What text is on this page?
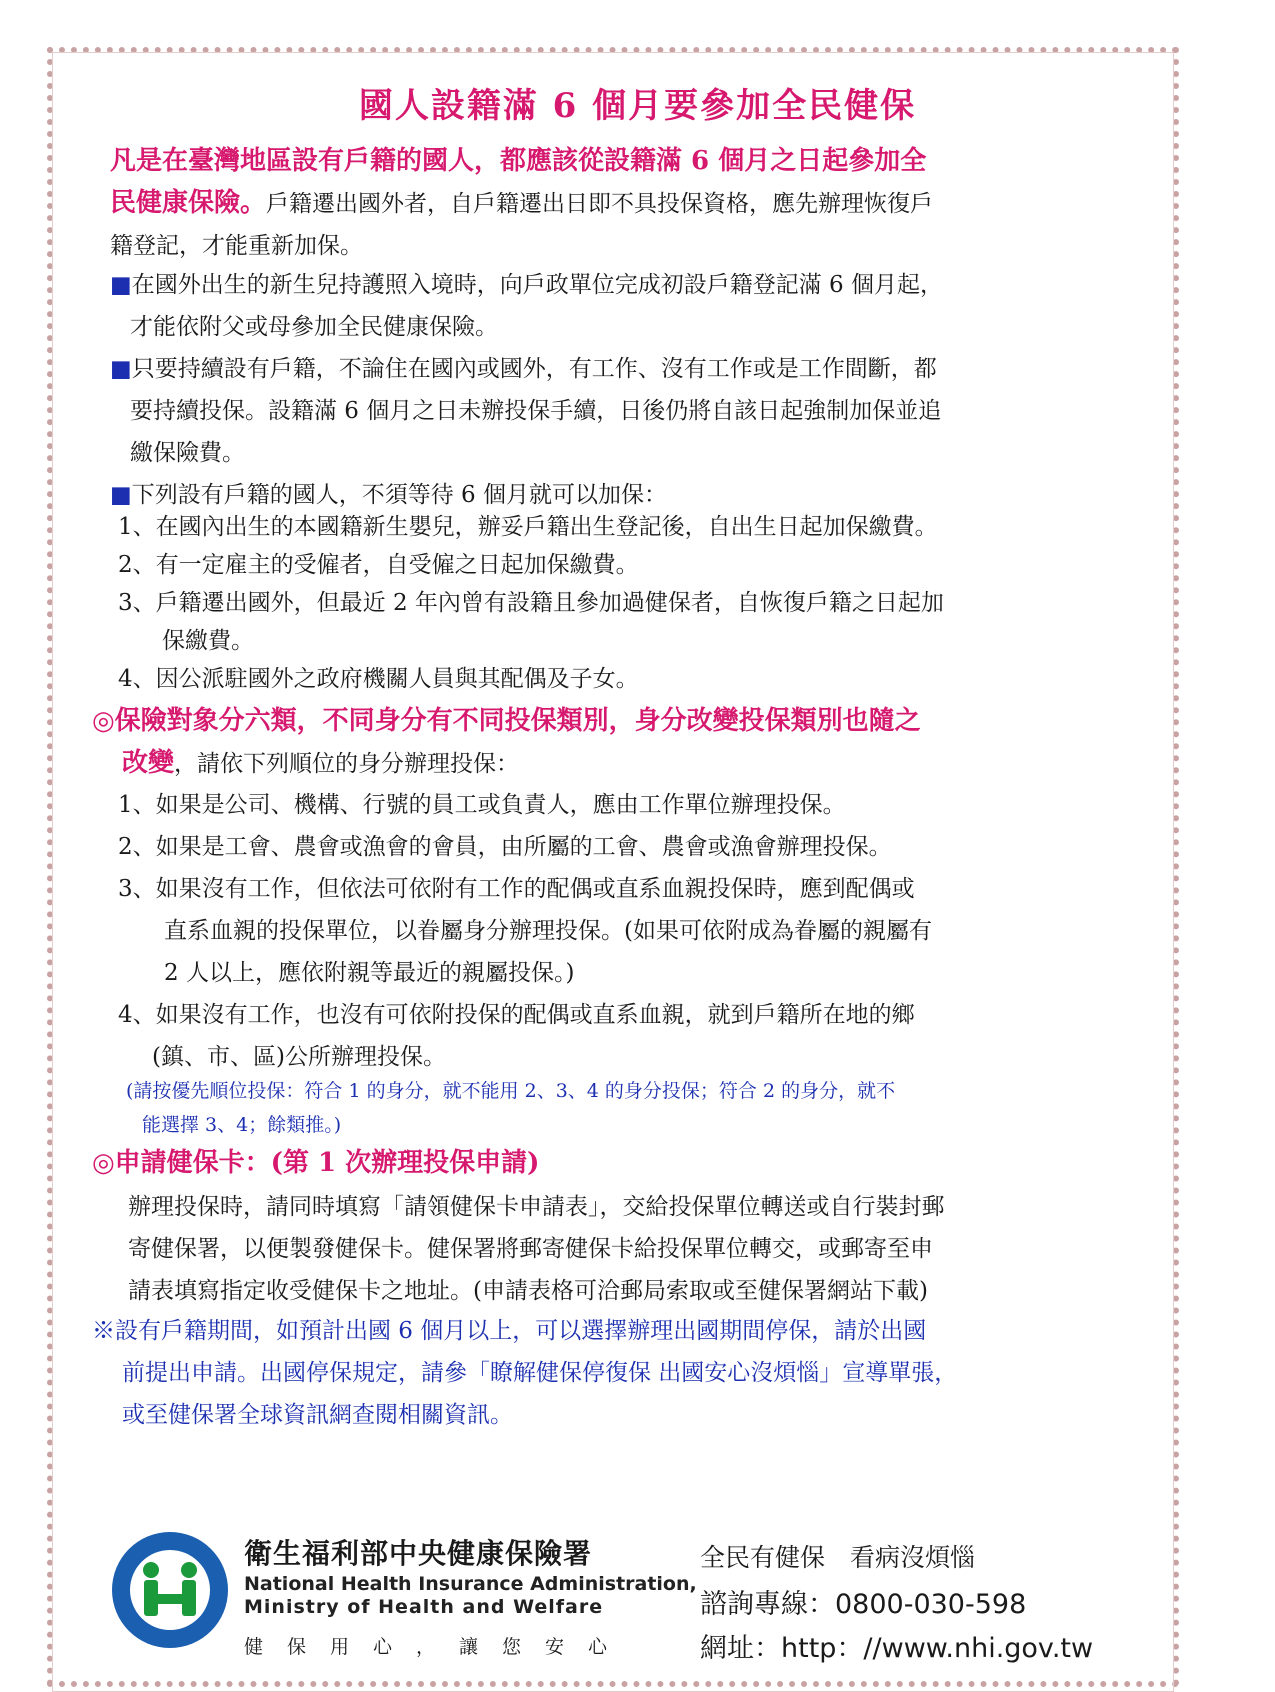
國人設籍滿 6 個月要參加全民健保
凡是在臺灣地區設有戶籍的國人，都應該從設籍滿 6 個月之日起參加全
民健康保險。戶籍遷出國外者，自戶籍遷出日即不具投保資格，應先辦理恢復戶
籍登記，才能重新加保。
■在國外出生的新生兒持護照入境時，向戶政單位完成初設戶籍登記滿 6 個月起，
才能依附父或母參加全民健康保險。
■只要持續設有戶籍，不論住在國內或國外，有工作、沒有工作或是工作間斷，都
要持續投保。設籍滿 6 個月之日未辦投保手續，日後仍將自該日起強制加保並追
繳保險費。
■下列設有戶籍的國人，不須等待 6 個月就可以加保：
1、在國內出生的本國籍新生嬰兒，辦妥戶籍出生登記後，自出生日起加保繳費。
2、有一定雇主的受僱者，自受僱之日起加保繳費。
3、戶籍遷出國外，但最近 2 年內曾有設籍且參加過健保者，自恢復戶籍之日起加
保繳費。
4、因公派駐國外之政府機關人員與其配偶及子女。
◎保險對象分六類，不同身分有不同投保類別，身分改變投保類別也隨之
改變，請依下列順位的身分辦理投保：
1、如果是公司、機構、行號的員工或負責人，應由工作單位辦理投保。
2、如果是工會、農會或漁會的會員，由所屬的工會、農會或漁會辦理投保。
3、如果沒有工作，但依法可依附有工作的配偶或直系血親投保時，應到配偶或
直系血親的投保單位，以眷屬身分辦理投保。(如果可依附成為眷屬的親屬有
2 人以上，應依附親等最近的親屬投保。)
4、如果沒有工作，也沒有可依附投保的配偶或直系血親，就到戶籍所在地的鄉
(鎮、市、區)公所辦理投保。
(請按優先順位投保：符合 1 的身分，就不能用 2、3、4 的身分投保；符合 2 的身分，就不
能選擇 3、4；餘類推。)
◎申請健保卡：(第 1 次辦理投保申請)
辦理投保時，請同時填寫「請領健保卡申請表」，交給投保單位轉送或自行裝封郵
寄健保署，以便製發健保卡。健保署將郵寄健保卡給投保單位轉交，或郵寄至申
請表填寫指定收受健保卡之地址。(申請表格可洽郵局索取或至健保署網站下載)
※設有戶籍期間，如預計出國 6 個月以上，可以選擇辦理出國期間停保，請於出國
前提出申請。出國停保規定，請參「瞭解健保停復保 出國安心沒煩惱」宣導單張，
或至健保署全球資訊網查閱相關資訊。
衛生福利部中央健康保險署
National Health Insurance Administration,
Ministry of Health and Welfare
健保用心，讓您安心
全民有健保　看病沒煩惱
諮詢專線：0800-030-598
網址：http：//www.nhi.gov.tw
